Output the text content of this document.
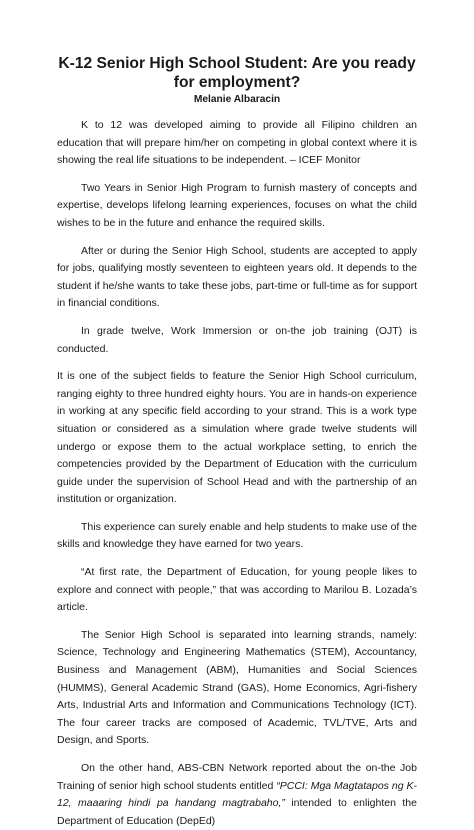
K-12 Senior High School Student: Are you ready for employment?
Melanie Albaracin

K to 12 was developed aiming to provide all Filipino children an education that will prepare him/her on competing in global context where it is showing the real life situations to be independent. – ICEF Monitor

Two Years in Senior High Program to furnish mastery of concepts and expertise, develops lifelong learning experiences, focuses on what the child wishes to be in the future and enhance the required skills.

After or during the Senior High School, students are accepted to apply for jobs, qualifying mostly seventeen to eighteen years old. It depends to the student if he/she wants to take these jobs, part-time or full-time as for support in financial conditions.

In grade twelve, Work Immersion or on-the job training (OJT) is conducted.

It is one of the subject fields to feature the Senior High School curriculum, ranging eighty to three hundred eighty hours. You are in hands-on experience in working at any specific field according to your strand. This is a work type situation or considered as a simulation where grade twelve students will undergo or expose them to the actual workplace setting, to enrich the competencies provided by the Department of Education with the curriculum guide under the supervision of School Head and with the partnership of an institution or organization.

This experience can surely enable and help students to make use of the skills and knowledge they have earned for two years.

“At first rate, the Department of Education, for young people likes to explore and connect with people,” that was according to Marilou B. Lozada’s article.

The Senior High School is separated into learning strands, namely: Science, Technology and Engineering Mathematics (STEM), Accountancy, Business and Management (ABM), Humanities and Social Sciences (HUMMS), General Academic Strand (GAS), Home Economics, Agri-fishery Arts, Industrial Arts and Information and Communications Technology (ICT). The four career tracks are composed of Academic, TVL/TVE, Arts and Design, and Sports.

On the other hand, ABS-CBN Network reported about the on-the Job Training of senior high school students entitled “PCCI: Mga Magtatapos ng K-12, maaaring hindi pa handang magtrabaho,” intended to enlighten the Department of Education (DepEd)
